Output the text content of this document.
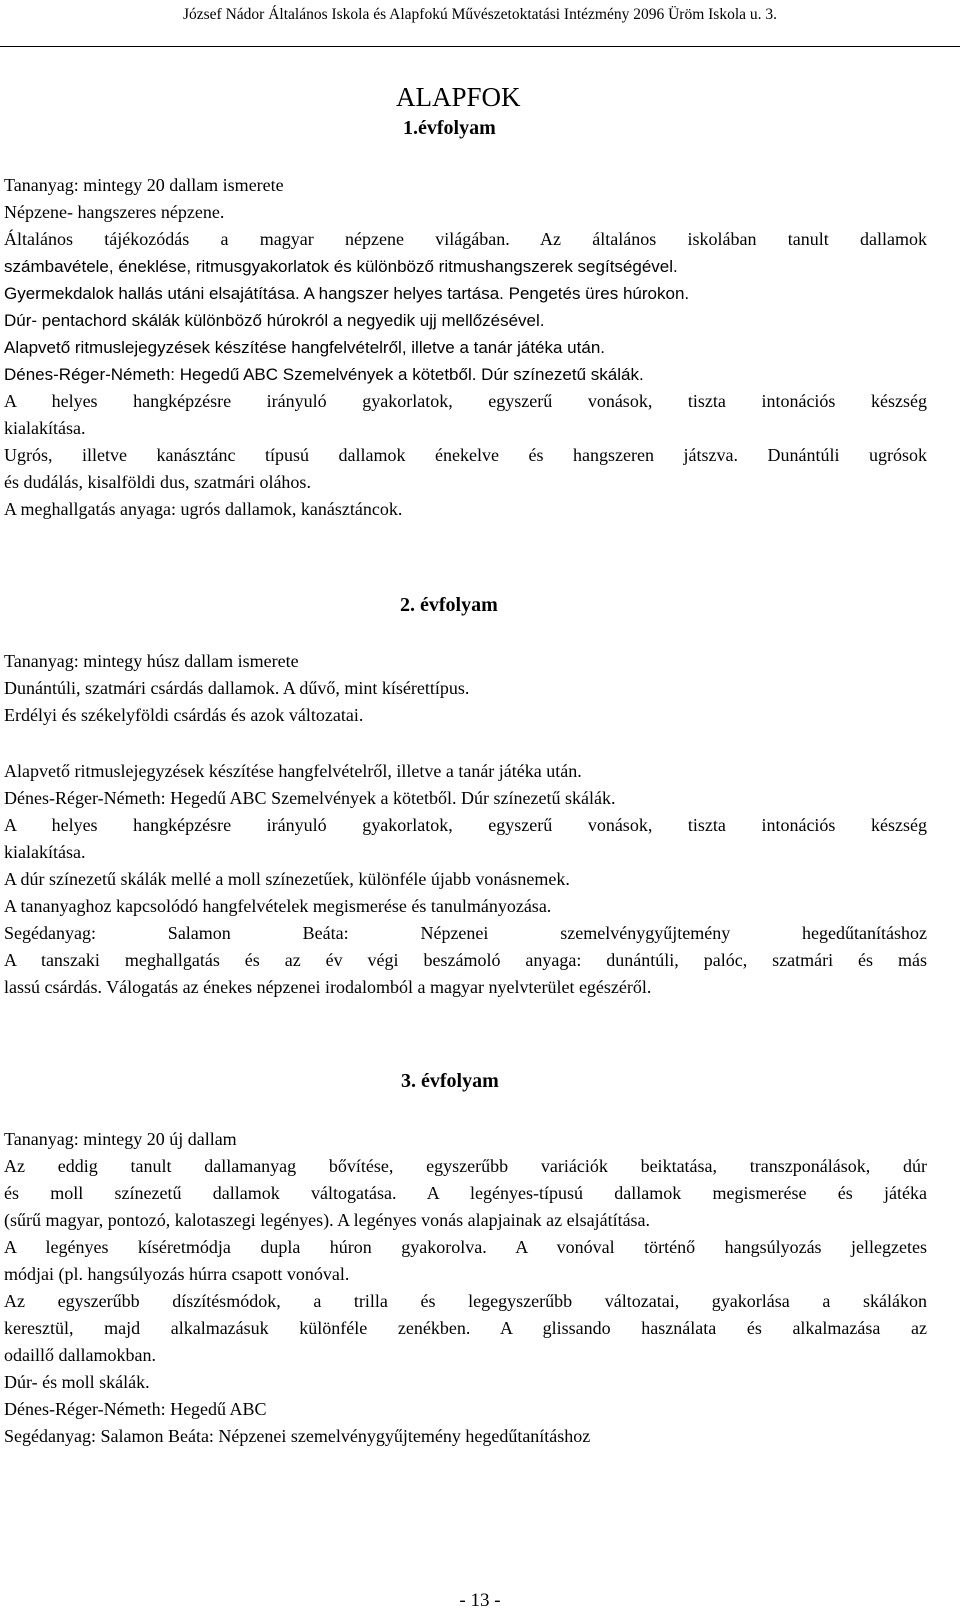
József Nádor Általános Iskola és Alapfokú Művészetoktatási Intézmény 2096 Üröm Iskola u. 3.
ALAPFOK
1.évfolyam
Tananyag: mintegy 20 dallam ismerete
Népzene- hangszeres népzene.
Általános tájékozódás a magyar népzene világában. Az általános iskolában tanult dallamok
számbavétele, éneklése, ritmusgyakorlatok és különböző ritmushangszerek segítségével.
Gyermekdalok hallás utáni elsajátítása. A hangszer helyes tartása. Pengetés üres húrokon.
Dúr- pentachord skálák különböző húrokról a negyedik ujj mellőzésével.
Alapvető ritmuslejegyzések készítése hangfelvételről, illetve a tanár játéka után.
Dénes-Réger-Németh: Hegedű ABC Szemelvények a kötetből. Dúr színezetű skálák.
A helyes hangképzésre irányuló gyakorlatok, egyszerű vonások, tiszta intonációs készség
kialakítása.
Ugrós, illetve kanásztánc típusú dallamok énekelve és hangszeren játszva. Dunántúli ugrósok
és dudálás, kisalföldi dus, szatmári oláhos.
A meghallgatás anyaga: ugrós dallamok, kanásztáncok.
2. évfolyam
Tananyag: mintegy húsz dallam ismerete
Dunántúli, szatmári csárdás dallamok. A dűvő, mint kísérettípus.
Erdélyi és székelyföldi csárdás és azok változatai.
Alapvető ritmuslejegyzések készítése hangfelvételről, illetve a tanár játéka után.
Dénes-Réger-Németh: Hegedű ABC Szemelvények a kötetből. Dúr színezetű skálák.
A helyes hangképzésre irányuló gyakorlatok, egyszerű vonások, tiszta intonációs készség
kialakítása.
A dúr színezetű skálák mellé a moll színezetűek, különféle újabb vonásnemek.
A tananyaghoz kapcsolódó hangfelvételek megismerése és tanulmányozása.
Segédanyag: Salamon Beáta: Népzenei szemelvénygyűjtemény hegedűtanításhoz
A tanszaki meghallgatás és az év végi beszámoló anyaga: dunántúli, palóc, szatmári és más
lassú csárdás. Válogatás az énekes népzenei irodalomból a magyar nyelvterület egészéről.
3. évfolyam
Tananyag: mintegy 20 új dallam
Az eddig tanult dallamanyag bővítése, egyszerűbb variációk beiktatása, transzponálások, dúr
és moll színezetű dallamok váltogatása. A legényes-típusú dallamok megismerése és játéka
(sűrű magyar, pontozó, kalotaszegi legényes). A legényes vonás alapjainak az elsajátítása.
A legényes kíséretmódja dupla húron gyakorolva. A vonóval történő hangsúlyozás jellegzetes
módjai (pl. hangsúlyozás húrra csapott vonóval.
Az egyszerűbb díszítésmódok, a trilla és legegyszerűbb változatai, gyakorlása a skálákon
keresztül, majd alkalmazásuk különféle zenékben. A glissando használata és alkalmazása az
odaillő dallamokban.
Dúr- és moll skálák.
Dénes-Réger-Németh: Hegedű ABC
Segédanyag: Salamon Beáta: Népzenei szemelvénygyűjtemény hegedűtanításhoz
- 13 -
